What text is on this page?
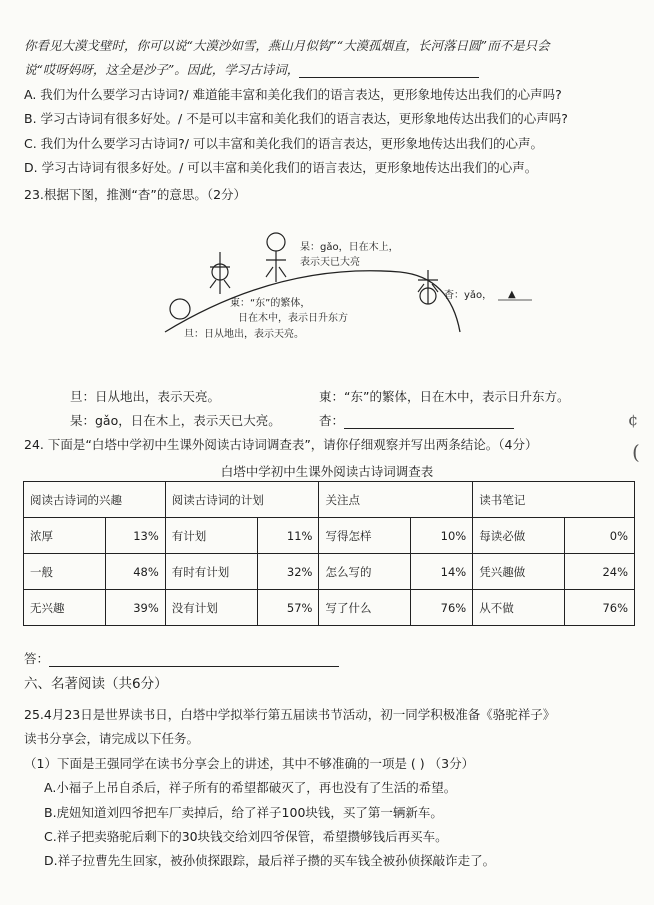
你看见大漠戈壁时，你可以说“大漠沙如雪，燕山月似钩”“大漠孤烟直，长河落日圆”而不是只会
说“哎呀妈呀，这全是沙子”。因此，学习古诗词，
A. 我们为什么要学习古诗词?/ 难道能丰富和美化我们的语言表达，更形象地传达出我们的心声吗?
B. 学习古诗词有很多好处。/ 不是可以丰富和美化我们的语言表达，更形象地传达出我们的心声吗?
C. 我们为什么要学习古诗词?/ 可以丰富和美化我们的语言表达，更形象地传达出我们的心声。
D. 学习古诗词有很多好处。/ 可以丰富和美化我们的语言表达，更形象地传达出我们的心声。
23.根据下图，推测“杳”的意思。（2分）
杲：gǎo，日在木上，
表示天已大亮
東：“东”的繁体，
日在木中，表示日升东方
旦：日从地出，表示天亮。
杳：yǎo， ▲
旦：日从地出，表示天亮。	東：“东”的繁体，日在木中，表示日升东方。
杲：gǎo，日在木上，表示天已大亮。	杳：
24. 下面是“白塔中学初中生课外阅读古诗词调查表”，请你仔细观察并写出两条结论。（4分）
白塔中学初中生课外阅读古诗词调查表
阅读古诗词的兴趣		阅读古诗词的计划		关注点		读书笔记	
浓厚	13%	有计划	11%	写得怎样	10%	每读必做	0%
一般	48%	有时有计划	32%	怎么写的	14%	凭兴趣做	24%
无兴趣	39%	没有计划	57%	写了什么	76%	从不做	76%
答：
六、名著阅读（共6分）
25.4月23日是世界读书日，白塔中学拟举行第五届读书节活动，初一同学积极准备《骆驼祥子》
读书分享会，请完成以下任务。
（1）下面是王强同学在读书分享会上的讲述，其中不够准确的一项是 ( ) （3分）
A.小福子上吊自杀后，祥子所有的希望都破灭了，再也没有了生活的希望。
B.虎妞知道刘四爷把车厂卖掉后，给了祥子100块钱，买了第一辆新车。
C.祥子把卖骆驼后剩下的30块钱交给刘四爷保管，希望攒够钱后再买车。
D.祥子拉曹先生回家，被孙侦探跟踪，最后祥子攒的买车钱全被孙侦探敲诈走了。
¢
(
